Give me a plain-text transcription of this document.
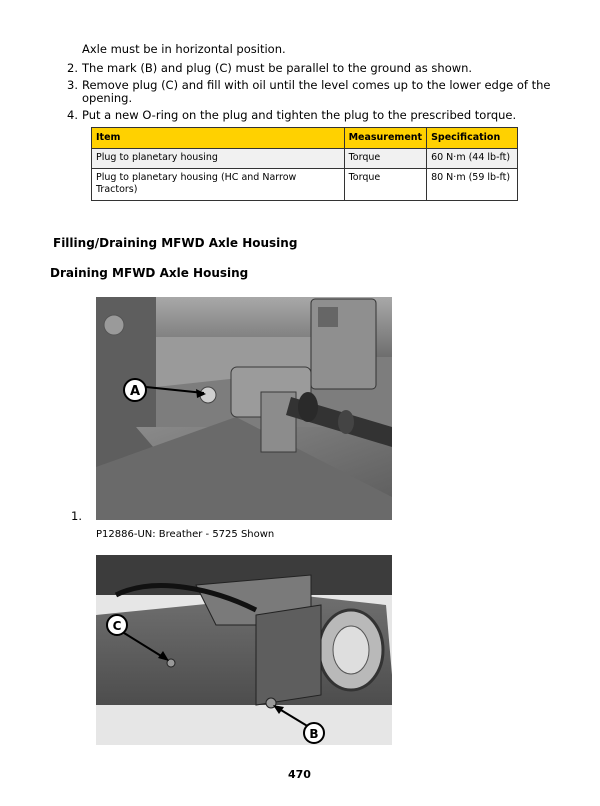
Axle must be in horizontal position.
2. The mark (B) and plug (C) must be parallel to the ground as shown.
3. Remove plug (C) and fill with oil until the level comes up to the lower edge of the
opening.
4. Put a new O-ring on the plug and tighten the plug to the prescribed torque.
Item	Measurement	Specification
Plug to planetary housing	Torque	60 N·m (44 lb-ft)
Plug to planetary housing (HC and Narrow Tractors)	Torque	80 N·m (59 lb-ft)
Filling/Draining MFWD Axle Housing
Draining MFWD Axle Housing
A
1.
P12886-UN: Breather - 5725 Shown
C
B
470
